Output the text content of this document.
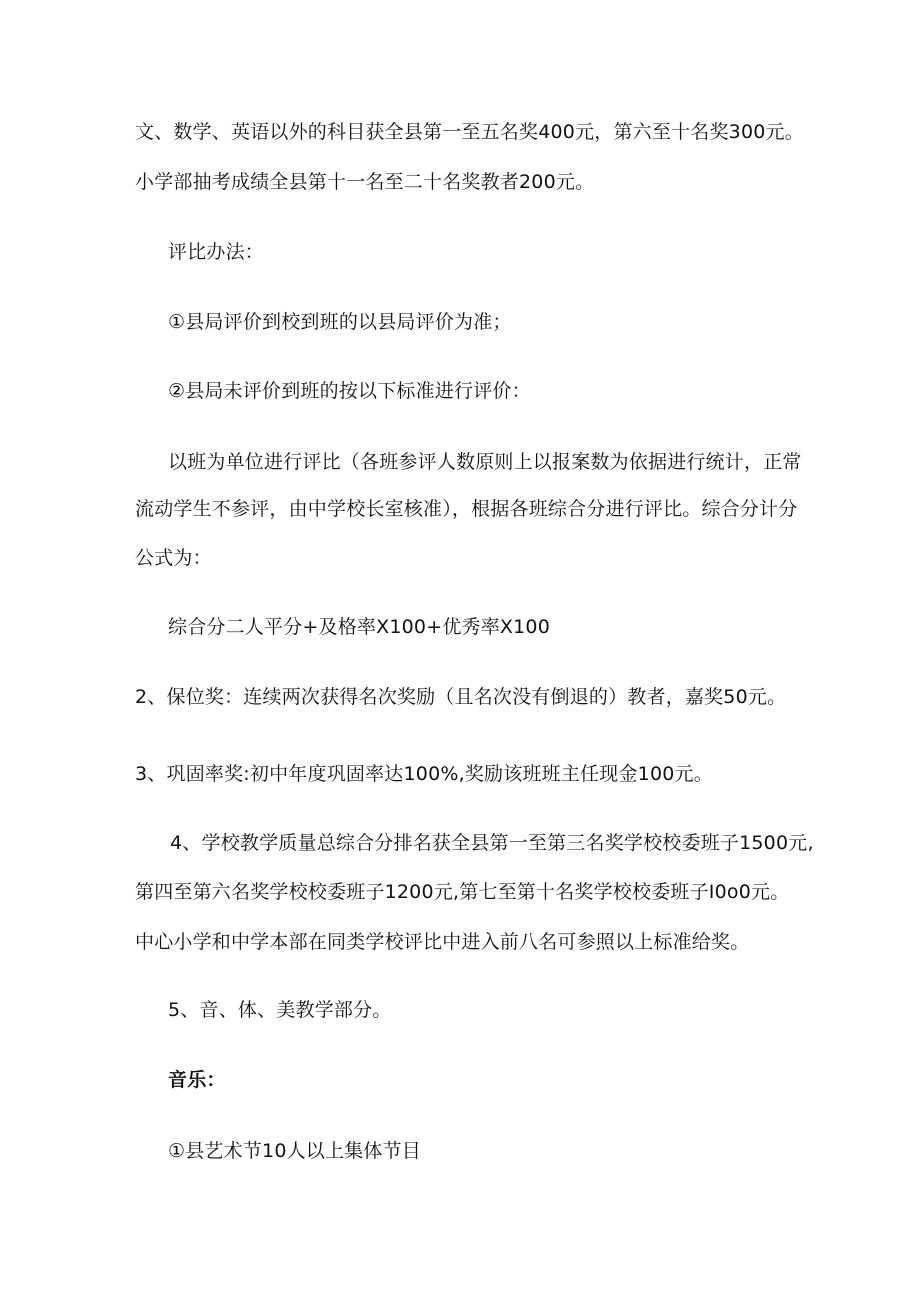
文、数学、英语以外的科目获全县第一至五名奖400元，第六至十名奖300元。
小学部抽考成绩全县第十一名至二十名奖教者200元。
评比办法：
①县局评价到校到班的以县局评价为准；
②县局未评价到班的按以下标准进行评价：
以班为单位进行评比（各班参评人数原则上以报案数为依据进行统计，正常
流动学生不参评，由中学校长室核准），根据各班综合分进行评比。综合分计分
公式为：
综合分二人平分+及格率X100+优秀率X100
2、保位奖：连续两次获得名次奖励（且名次没有倒退的）教者，嘉奖50元。
3、巩固率奖:初中年度巩固率达100%,奖励该班班主任现金100元。
4、学校教学质量总综合分排名获全县第一至第三名奖学校校委班子1500元,
第四至第六名奖学校校委班子1200元,第七至第十名奖学校校委班子I0o0元。
中心小学和中学本部在同类学校评比中进入前八名可参照以上标准给奖。
5、音、体、美教学部分。
音乐：
①县艺术节10人以上集体节目
